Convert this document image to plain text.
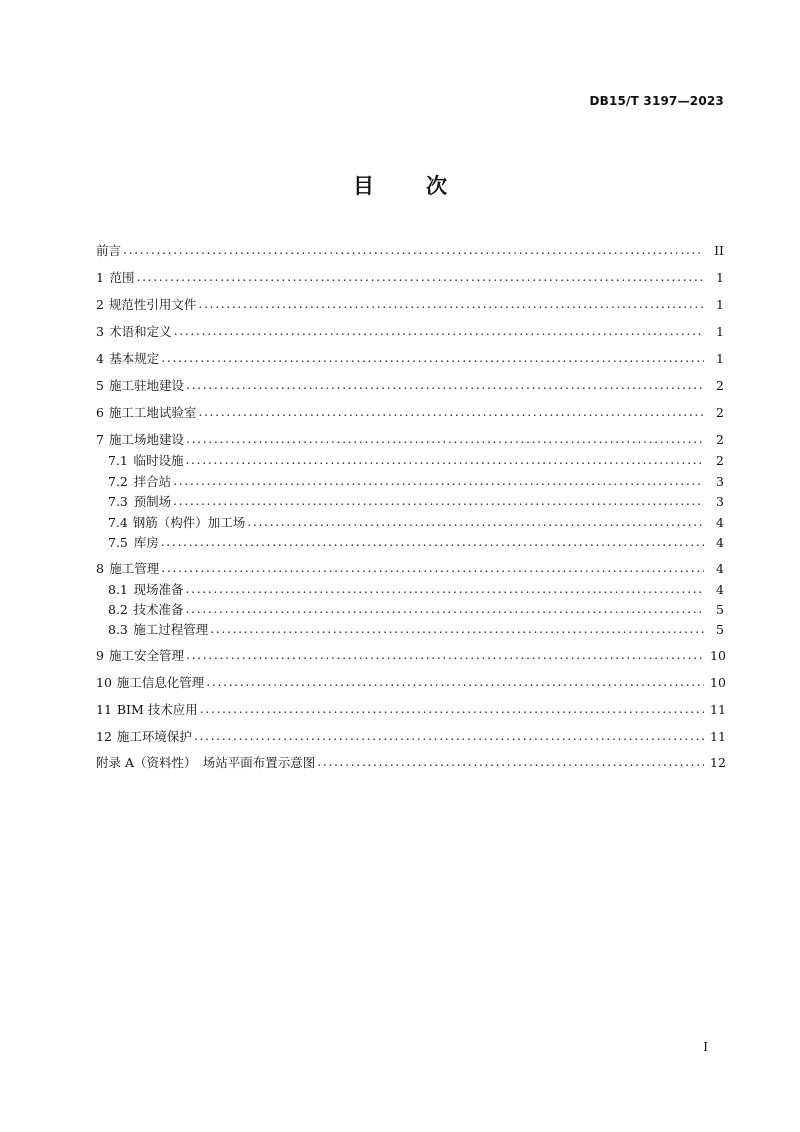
DB15/T 3197—2023
目 次
前言 .....	II
1 范围 .....	1
2 规范性引用文件 .....	1
3 术语和定义 .....	1
4 基本规定 .....	1
5 施工驻地建设 .....	2
6 施工工地试验室 .....	2
7 施工场地建设 .....	2
7.1 临时设施 .....	2
7.2 拌合站 .....	3
7.3 预制场 .....	3
7.4 钢筋（构件）加工场 .....	4
7.5 库房 .....	4
8 施工管理 .....	4
8.1 现场准备 .....	4
8.2 技术准备 .....	5
8.3 施工过程管理 .....	5
9 施工安全管理 .....	10
10 施工信息化管理 .....	10
11 BIM 技术应用 .....	11
12 施工环境保护 .....	11
附录 A（资料性）　场站平面布置示意图 .....	12
I
